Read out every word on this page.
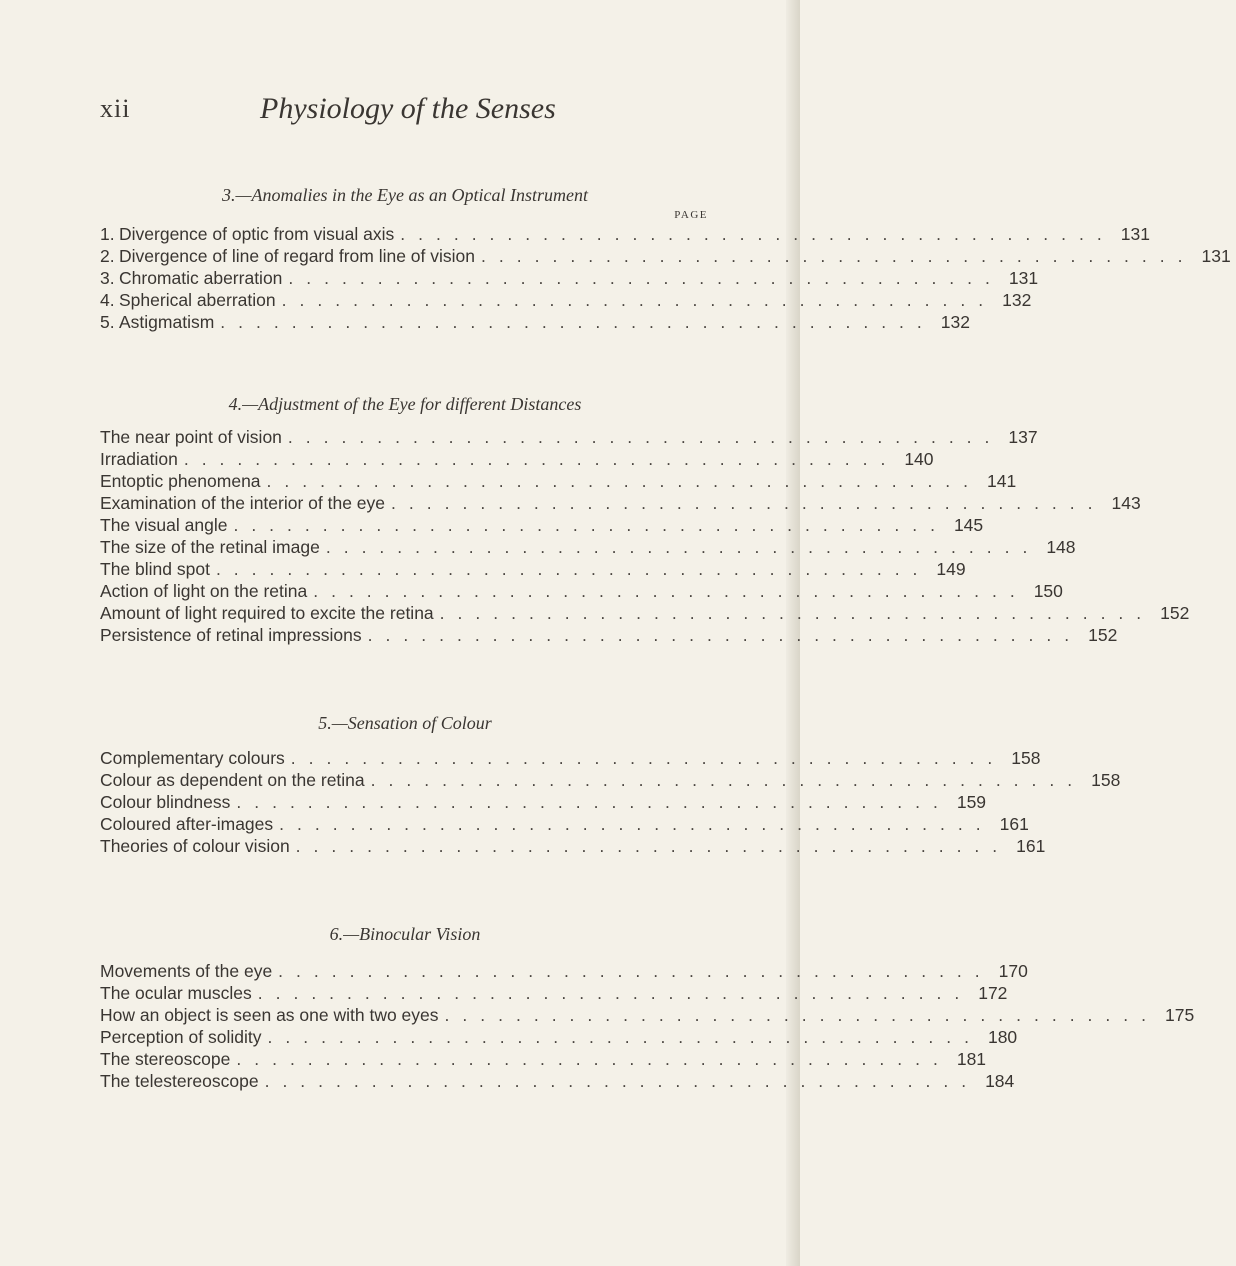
xii	Physiology of the Senses
3.—Anomalies in the Eye as an Optical Instrument
PAGE
1. Divergence of optic from visual axis ........................................ 131
2. Divergence of line of regard from line of vision ........................................ 131
3. Chromatic aberration ........................................ 131
4. Spherical aberration ........................................ 132
5. Astigmatism ........................................ 132
4.—Adjustment of the Eye for different Distances
The near point of vision ........................................ 137
Irradiation ........................................ 140
Entoptic phenomena ........................................ 141
Examination of the interior of the eye ........................................ 143
The visual angle ........................................ 145
The size of the retinal image ........................................ 148
The blind spot ........................................ 149
Action of light on the retina ........................................ 150
Amount of light required to excite the retina ........................................ 152
Persistence of retinal impressions ........................................ 152
5.—Sensation of Colour
Complementary colours ........................................ 158
Colour as dependent on the retina ........................................ 158
Colour blindness ........................................ 159
Coloured after-images ........................................ 161
Theories of colour vision ........................................ 161
6.—Binocular Vision
Movements of the eye ........................................ 170
The ocular muscles ........................................ 172
How an object is seen as one with two eyes ........................................ 175
Perception of solidity ........................................ 180
The stereoscope ........................................ 181
The telestereoscope ........................................ 184
